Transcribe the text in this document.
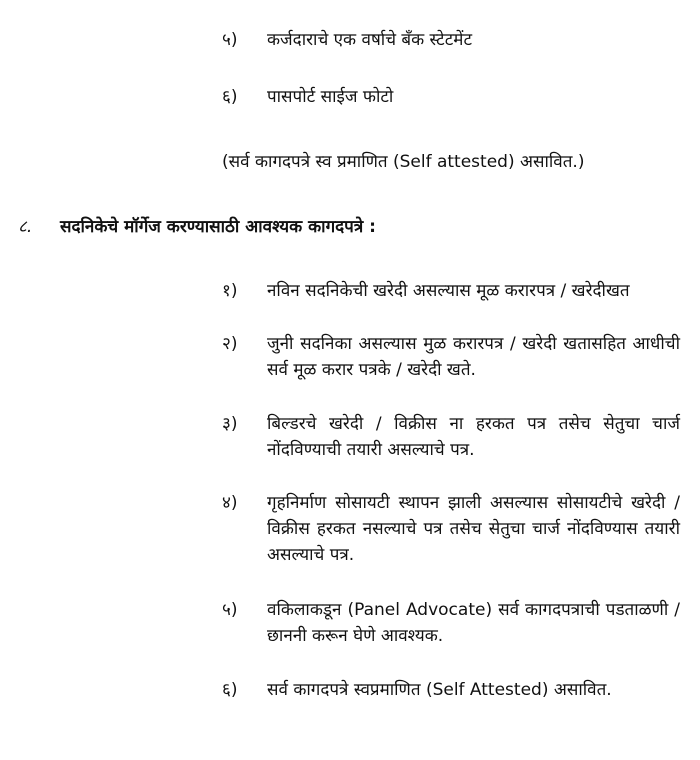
५)	कर्जदाराचे एक वर्षाचे बँक स्टेटमेंट
६)	पासपोर्ट साईज फोटो
(सर्व कागदपत्रे स्व प्रमाणित (Self attested) असावित.)
८.	सदनिकेचे मॉर्गेज करण्यासाठी आवश्यक कागदपत्रे :
१)	नविन सदनिकेची खरेदी असल्यास मूळ करारपत्र / खरेदीखत
२)	जुनी सदनिका असल्यास मुळ करारपत्र / खरेदी खतासहित आधीची सर्व मूळ करार पत्रके / खरेदी खते.
३)	बिल्डरचे खरेदी / विक्रीस ना हरकत पत्र तसेच सेतुचा चार्ज नोंदविण्याची तयारी असल्याचे पत्र.
४)	गृहनिर्माण सोसायटी स्थापन झाली असल्यास सोसायटीचे खरेदी / विक्रीस हरकत नसल्याचे पत्र तसेच सेतुचा चार्ज नोंदविण्यास तयारी असल्याचे पत्र.
५)	वकिलाकडून (Panel Advocate) सर्व कागदपत्राची पडताळणी / छाननी करून घेणे आवश्यक.
६)	सर्व कागदपत्रे स्वप्रमाणित (Self Attested) असावित.
